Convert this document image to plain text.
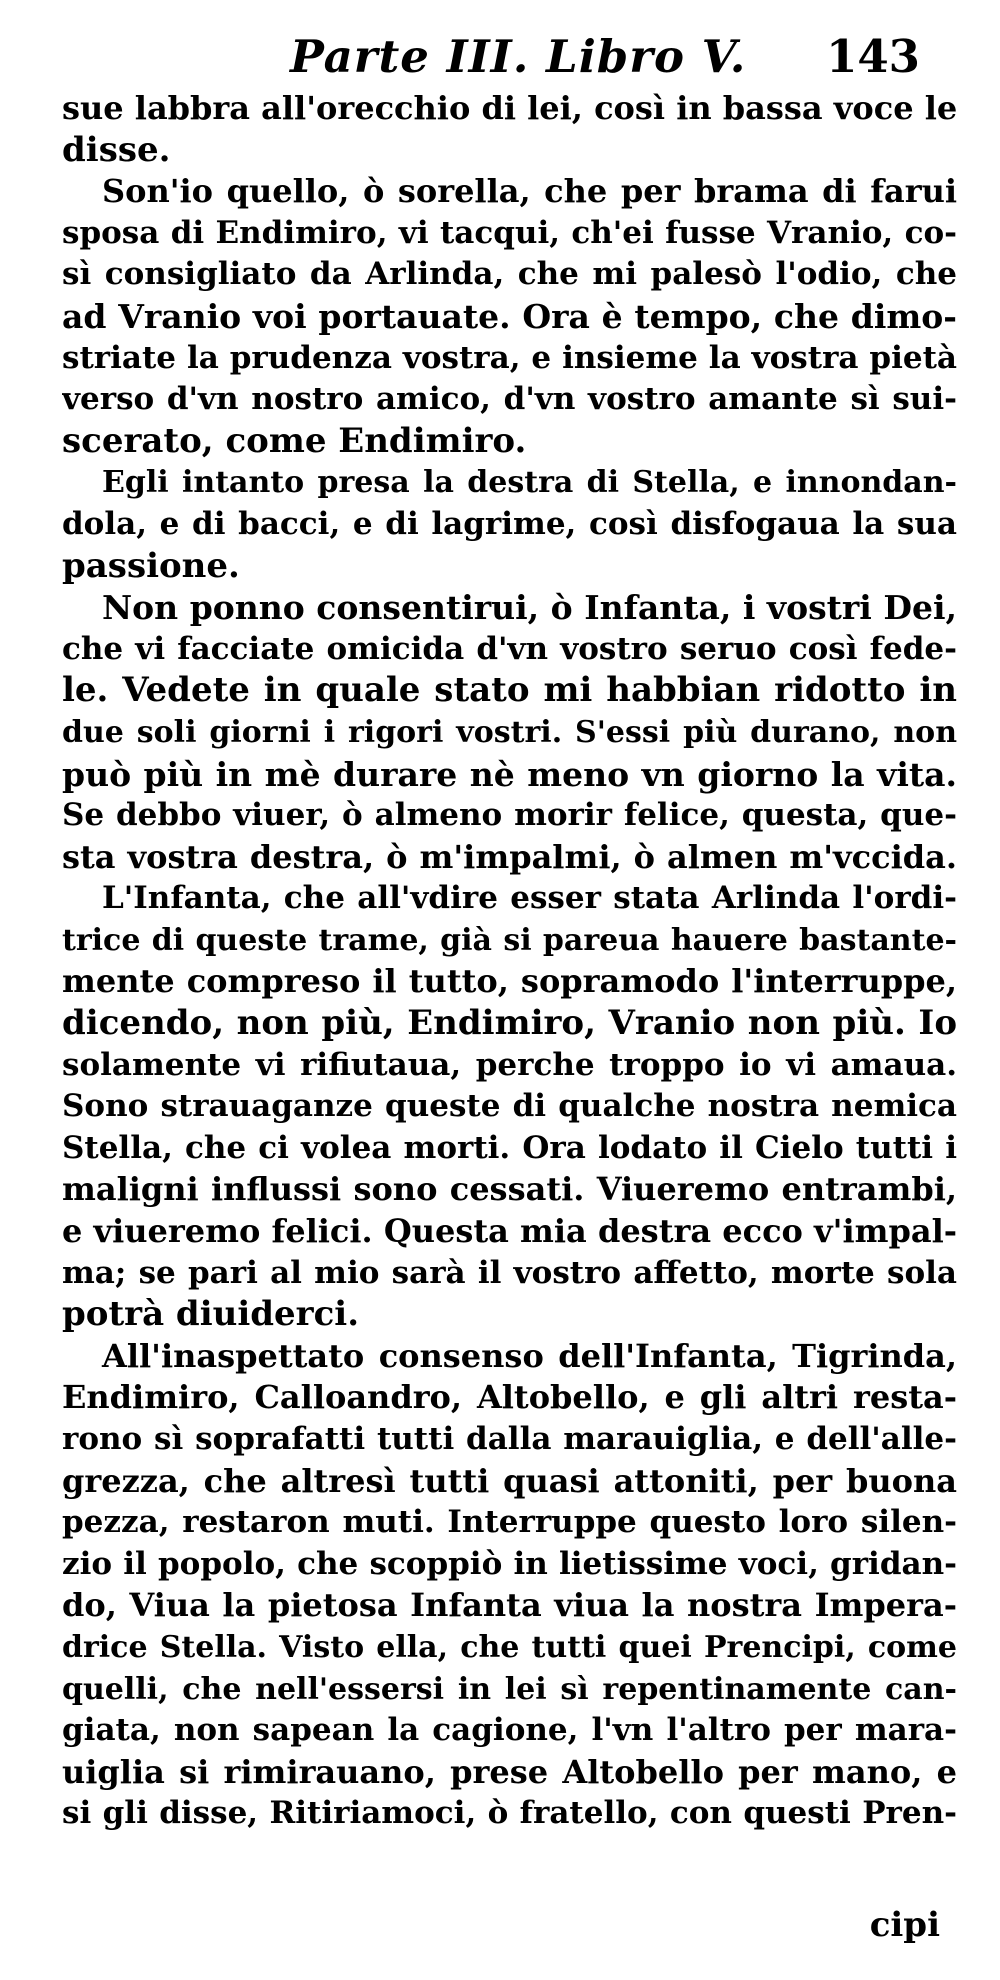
Parte III. Libro V. 143
sue labbra all'orecchio di lei, così in bassa voce le
disse.
Son'io quello, ò sorella, che per brama di farui
sposa di Endimiro, vi tacqui, ch'ei fusse Vranio, co-
sì consigliato da Arlinda, che mi palesò l'odio, che
ad Vranio voi portauate. Ora è tempo, che dimo-
striate la prudenza vostra, e insieme la vostra pietà
verso d'vn nostro amico, d'vn vostro amante sì sui-
scerato, come Endimiro.
Egli intanto presa la destra di Stella, e innondan-
dola, e di bacci, e di lagrime, così disfogaua la sua
passione.
Non ponno consentirui, ò Infanta, i vostri Dei,
che vi facciate omicida d'vn vostro seruo così fede-
le. Vedete in quale stato mi habbian ridotto in
due soli giorni i rigori vostri. S'essi più durano, non
può più in mè durare nè meno vn giorno la vita.
Se debbo viuer, ò almeno morir felice, questa, que-
sta vostra destra, ò m'impalmi, ò almen m'vccida.
L'Infanta, che all'vdire esser stata Arlinda l'ordi-
trice di queste trame, già si pareua hauere bastante-
mente compreso il tutto, sopramodo l'interruppe,
dicendo, non più, Endimiro, Vranio non più. Io
solamente vi rifiutaua, perche troppo io vi amaua.
Sono strauaganze queste di qualche nostra nemica
Stella, che ci volea morti. Ora lodato il Cielo tutti i
maligni influssi sono cessati. Viueremo entrambi,
e viueremo felici. Questa mia destra ecco v'impal-
ma; se pari al mio sarà il vostro affetto, morte sola
potrà diuiderci.
All'inaspettato consenso dell'Infanta, Tigrinda,
Endimiro, Calloandro, Altobello, e gli altri resta-
rono sì soprafatti tutti dalla marauiglia, e dell'alle-
grezza, che altresì tutti quasi attoniti, per buona
pezza, restaron muti. Interruppe questo loro silen-
zio il popolo, che scoppiò in lietissime voci, gridan-
do, Viua la pietosa Infanta viua la nostra Impera-
drice Stella. Visto ella, che tutti quei Prencipi, come
quelli, che nell'essersi in lei sì repentinamente can-
giata, non sapean la cagione, l'vn l'altro per mara-
uiglia si rimirauano, prese Altobello per mano, e
si gli disse, Ritiriamoci, ò fratello, con questi Pren-
cipi
